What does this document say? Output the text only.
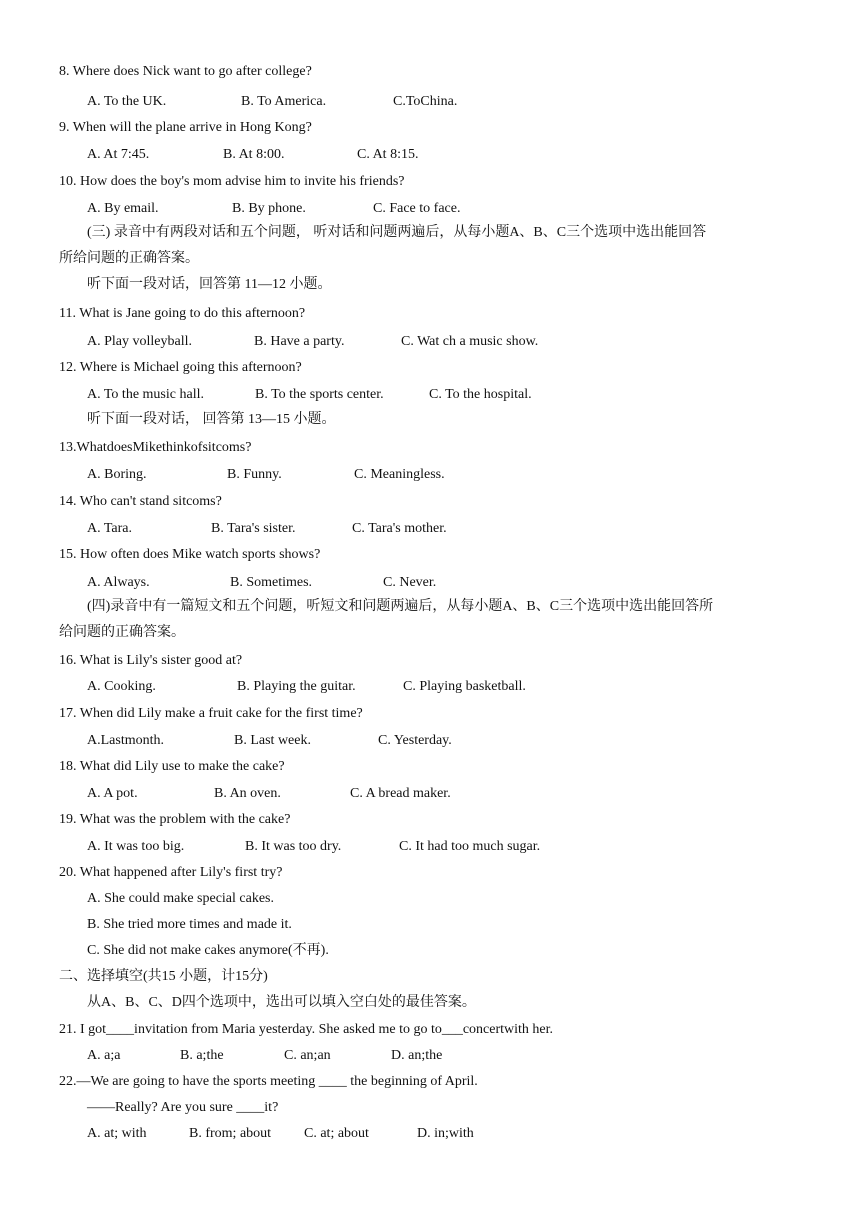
8. Where does Nick want to go after college?
A. To the UK.	B. To America.	C.ToChina.
9. When will the plane arrive in Hong Kong?
A. At 7:45.	B. At 8:00.	C. At 8:15.
10. How does the boy's mom advise him to invite his friends?
A. By email.	B. By phone.	C. Face to face.
(三) 录音中有两段对话和五个问题， 听对话和问题两遍后，从每小题A、B、C三个选项中选出能回答
所给问题的正确答案。
听下面一段对话，回答第 11—12 小题。
11. What is Jane going to do this afternoon?
A. Play volleyball.	B. Have a party.	C. Wat ch a music show.
12. Where is Michael going this afternoon?
A. To the music hall.	B. To the sports center.	C. To the hospital.
听下面一段对话， 回答第 13—15 小题。
13.WhatdoesMikethinkofsitcoms?
A. Boring.	B. Funny.	C. Meaningless.
14. Who can't stand sitcoms?
A. Tara.	B. Tara's sister.	C. Tara's mother.
15. How often does Mike watch sports shows?
A. Always.	B. Sometimes.	C. Never.
(四)录音中有一篇短文和五个问题，听短文和问题两遍后，从每小题A、B、C三个选项中选出能回答所
给问题的正确答案。
16. What is Lily's sister good at?
A. Cooking.	B. Playing the guitar.	C. Playing basketball.
17. When did Lily make a fruit cake for the first time?
A.Lastmonth.	B. Last week.	C. Yesterday.
18. What did Lily use to make the cake?
A. A pot.	B. An oven.	C. A bread maker.
19. What was the problem with the cake?
A. It was too big.	B. It was too dry.	C. It had too much sugar.
20. What happened after Lily's first try?
A. She could make special cakes.
B. She tried more times and made it.
C. She did not make cakes anymore(不再).
二、选择填空(共15 小题，计15分)
从A、B、C、D四个选项中，选出可以填入空白处的最佳答案。
21. I got____invitation from Maria yesterday. She asked me to go to___concertwith her.
A. a;a	B. a;the	C. an;an	D. an;the
22.—We are going to have the sports meeting ____ the beginning of April.
——Really? Are you sure ____it?
A. at; with	B. from; about C. at; about	D. in;with
